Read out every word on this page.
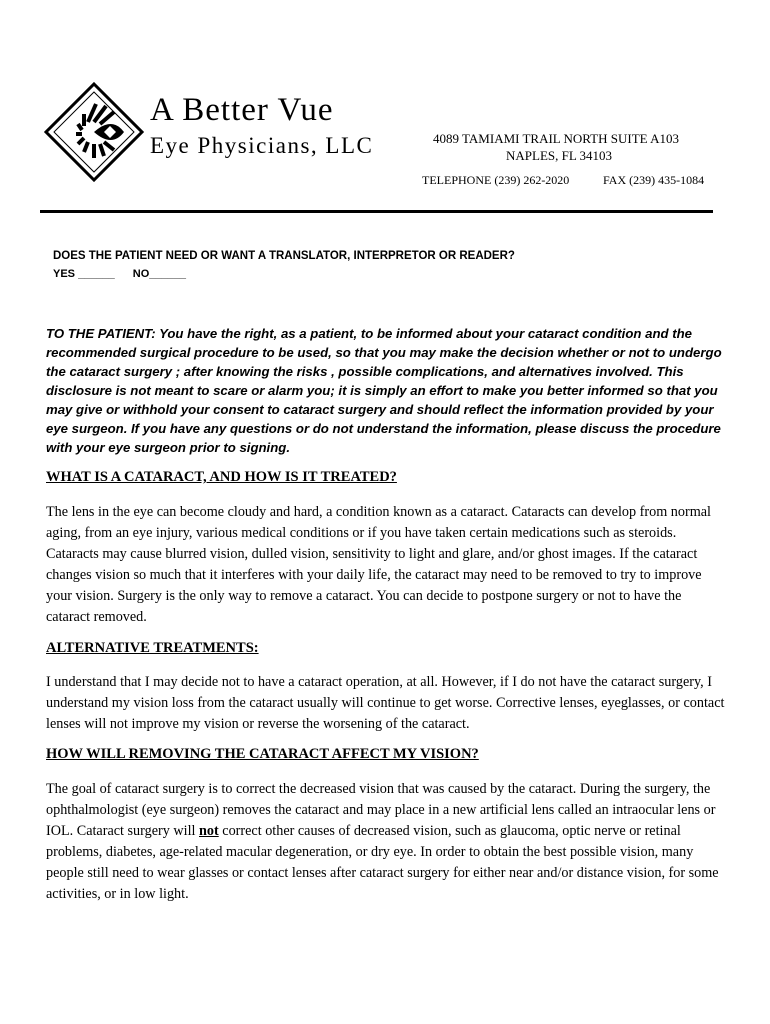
A Better Vue
Eye Physicians, LLC	4089 TAMIAMI TRAIL NORTH SUITE A103
NAPLES, FL 34103
TELEPHONE (239) 262-2020	FAX (239) 435-1084
DOES THE PATIENT NEED OR WANT A TRANSLATOR, INTERPRETOR OR READER?
YES ______ NO______
TO THE PATIENT: You have the right, as a patient, to be informed about your cataract condition and the recommended surgical procedure to be used, so that you may make the decision whether or not to undergo the cataract surgery ; after knowing the risks , possible complications, and alternatives involved. This disclosure is not meant to scare or alarm you; it is simply an effort to make you better informed so that you may give or withhold your consent to cataract surgery and should reflect the information provided by your eye surgeon. If you have any questions or do not understand the information, please discuss the procedure with your eye surgeon prior to signing.
WHAT IS A CATARACT, AND HOW IS IT TREATED?
The lens in the eye can become cloudy and hard, a condition known as a cataract. Cataracts can develop from normal aging, from an eye injury, various medical conditions or if you have taken certain medications such as steroids. Cataracts may cause blurred vision, dulled vision, sensitivity to light and glare, and/or ghost images. If the cataract changes vision so much that it interferes with your daily life, the cataract may need to be removed to try to improve your vision. Surgery is the only way to remove a cataract. You can decide to postpone surgery or not to have the cataract removed.
ALTERNATIVE TREATMENTS:
I understand that I may decide not to have a cataract operation, at all. However, if I do not have the cataract surgery, I understand my vision loss from the cataract usually will continue to get worse. Corrective lenses, eyeglasses, or contact lenses will not improve my vision or reverse the worsening of the cataract.
HOW WILL REMOVING THE CATARACT AFFECT MY VISION?
The goal of cataract surgery is to correct the decreased vision that was caused by the cataract. During the surgery, the ophthalmologist (eye surgeon) removes the cataract and may place in a new artificial lens called an intraocular lens or IOL. Cataract surgery will not correct other causes of decreased vision, such as glaucoma, optic nerve or retinal problems, diabetes, age-related macular degeneration, or dry eye. In order to obtain the best possible vision, many people still need to wear glasses or contact lenses after cataract surgery for either near and/or distance vision, for some activities, or in low light.
